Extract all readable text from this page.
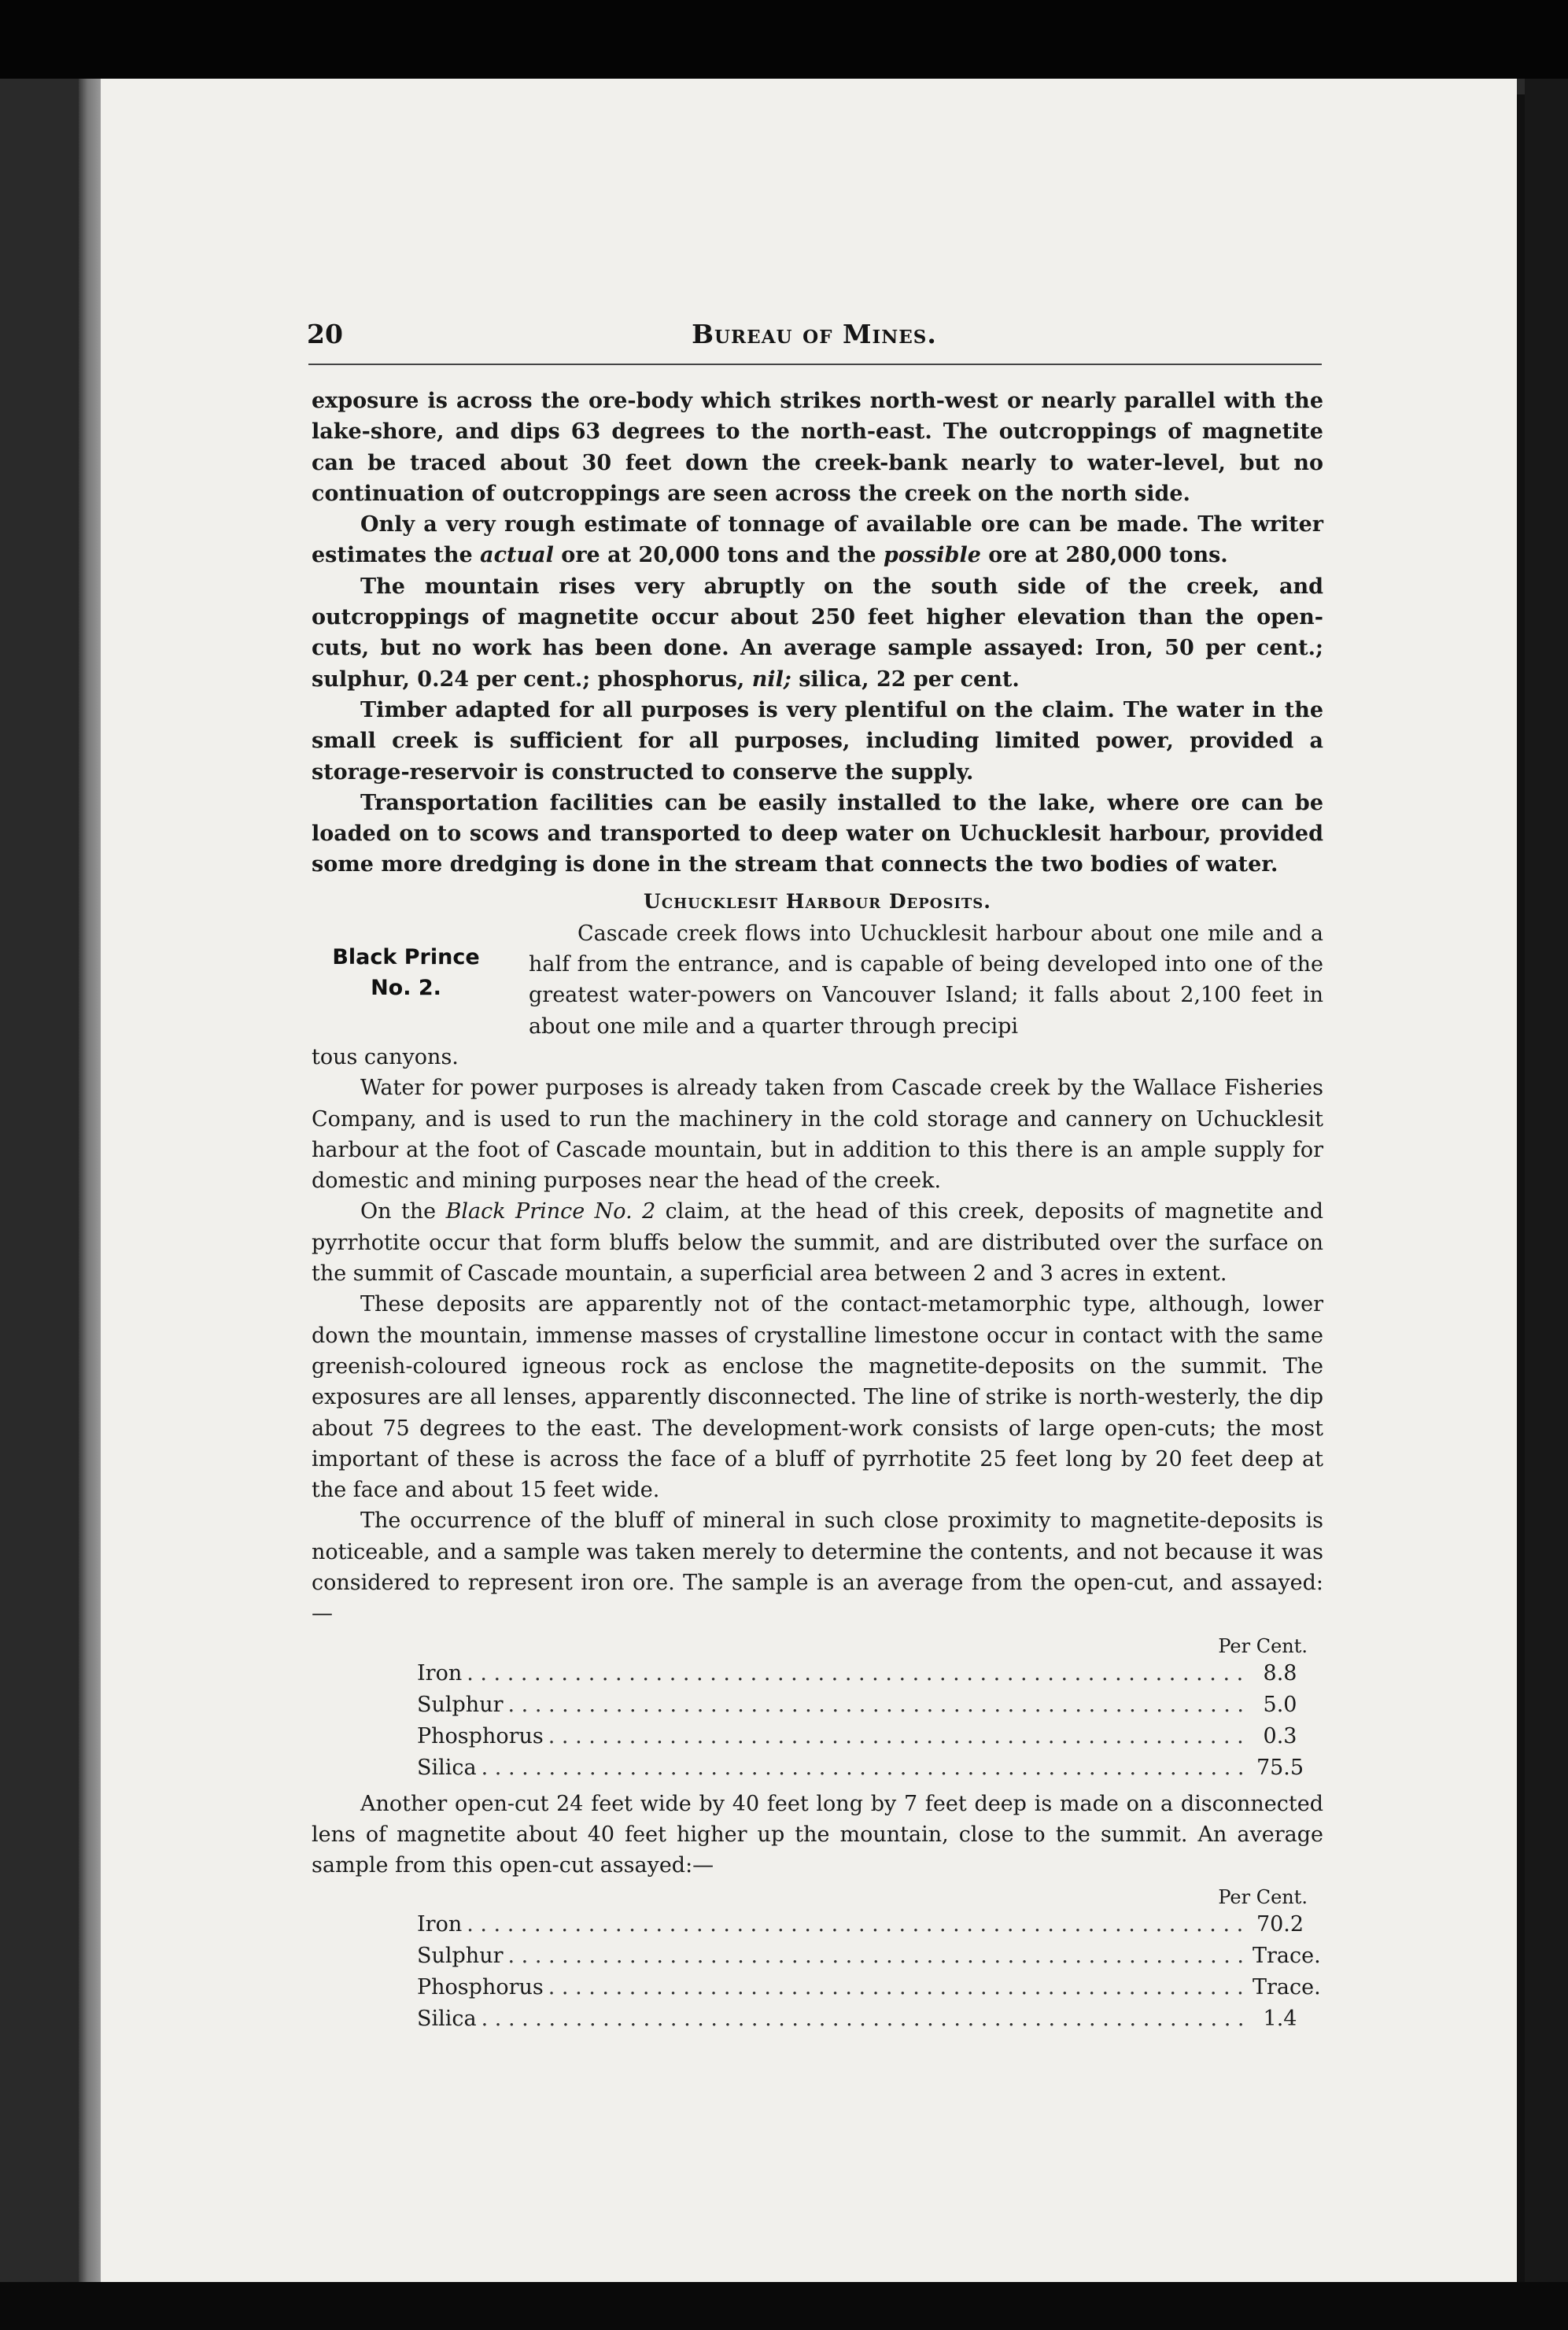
20	Bureau of Mines.

exposure is across the ore-body which strikes north-west or nearly parallel with the lake-shore, and dips 63 degrees to the north-east. The outcroppings of magnetite can be traced about 30 feet down the creek-bank nearly to water-level, but no continuation of outcroppings are seen across the creek on the north side.

Only a very rough estimate of tonnage of available ore can be made. The writer estimates the actual ore at 20,000 tons and the possible ore at 280,000 tons.

The mountain rises very abruptly on the south side of the creek, and outcroppings of magnetite occur about 250 feet higher elevation than the open-cuts, but no work has been done. An average sample assayed: Iron, 50 per cent.; sulphur, 0.24 per cent.; phosphorus, nil; silica, 22 per cent.

Timber adapted for all purposes is very plentiful on the claim. The water in the small creek is sufficient for all purposes, including limited power, provided a storage-reservoir is constructed to conserve the supply.

Transportation facilities can be easily installed to the lake, where ore can be loaded on to scows and transported to deep water on Uchucklesit harbour, provided some more dredging is done in the stream that connects the two bodies of water.

Uchucklesit Harbour Deposits.
Black Prince
No. 2.

Cascade creek flows into Uchucklesit harbour about one mile and a half from the entrance, and is capable of being developed into one of the greatest water-powers on Vancouver Island; it falls about 2,100 feet in about one mile and a quarter through precipi

tous canyons.

Water for power purposes is already taken from Cascade creek by the Wallace Fisheries Company, and is used to run the machinery in the cold storage and cannery on Uchucklesit harbour at the foot of Cascade mountain, but in addition to this there is an ample supply for domestic and mining purposes near the head of the creek.

On the Black Prince No. 2 claim, at the head of this creek, deposits of magnetite and pyrrhotite occur that form bluffs below the summit, and are distributed over the surface on the summit of Cascade mountain, a superficial area between 2 and 3 acres in extent.

These deposits are apparently not of the contact-metamorphic type, although, lower down the mountain, immense masses of crystalline limestone occur in contact with the same greenish-coloured igneous rock as enclose the magnetite-deposits on the summit. The exposures are all lenses, apparently disconnected. The line of strike is north-westerly, the dip about 75 degrees to the east. The development-work consists of large open-cuts; the most important of these is across the face of a bluff of pyrrhotite 25 feet long by 20 feet deep at the face and about 15 feet wide.

The occurrence of the bluff of mineral in such close proximity to magnetite-deposits is noticeable, and a sample was taken merely to determine the contents, and not because it was considered to represent iron ore. The sample is an average from the open-cut, and assayed:—

Per Cent.
Iron . . .	8.8
Sulphur . . .	5.0
Phosphorus . . .	0.3
Silica . . .	75.5

Another open-cut 24 feet wide by 40 feet long by 7 feet deep is made on a disconnected lens of magnetite about 40 feet higher up the mountain, close to the summit. An average sample from this open-cut assayed:—

Per Cent.
Iron . . .	70.2
Sulphur . . .	Trace.
Phosphorus . . .	Trace.
Silica . . .	1.4
